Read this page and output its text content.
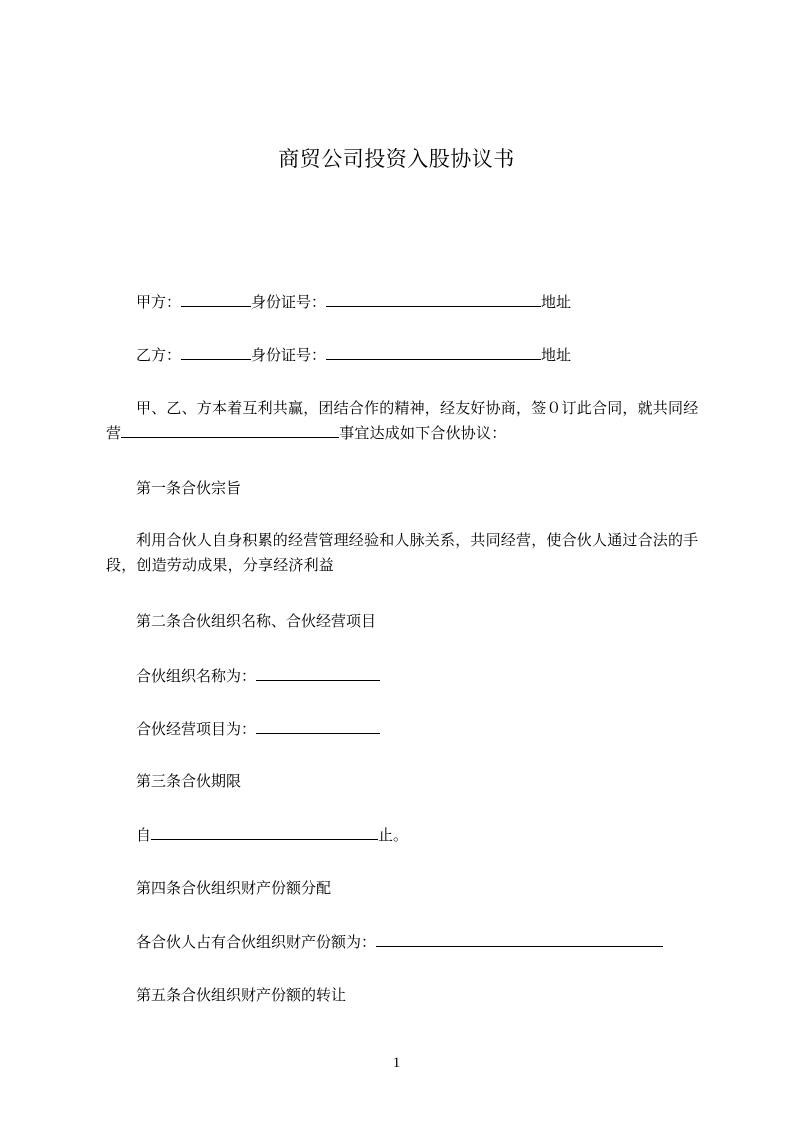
商贸公司投资入股协议书
甲方：	身份证号：	地址
乙方：	身份证号：	地址
甲、乙、方本着互利共赢，团结合作的精神，经友好协商，签０订此合同，就共同经营	事宜达成如下合伙协议：
第一条合伙宗旨
利用合伙人自身积累的经营管理经验和人脉关系，共同经营，使合伙人通过合法的手段，创造劳动成果，分享经济利益
第二条合伙组织名称、合伙经营项目
合伙组织名称为：
合伙经营项目为：
第三条合伙期限
自	止。
第四条合伙组织财产份额分配
各合伙人占有合伙组织财产份额为：
第五条合伙组织财产份额的转让
1
